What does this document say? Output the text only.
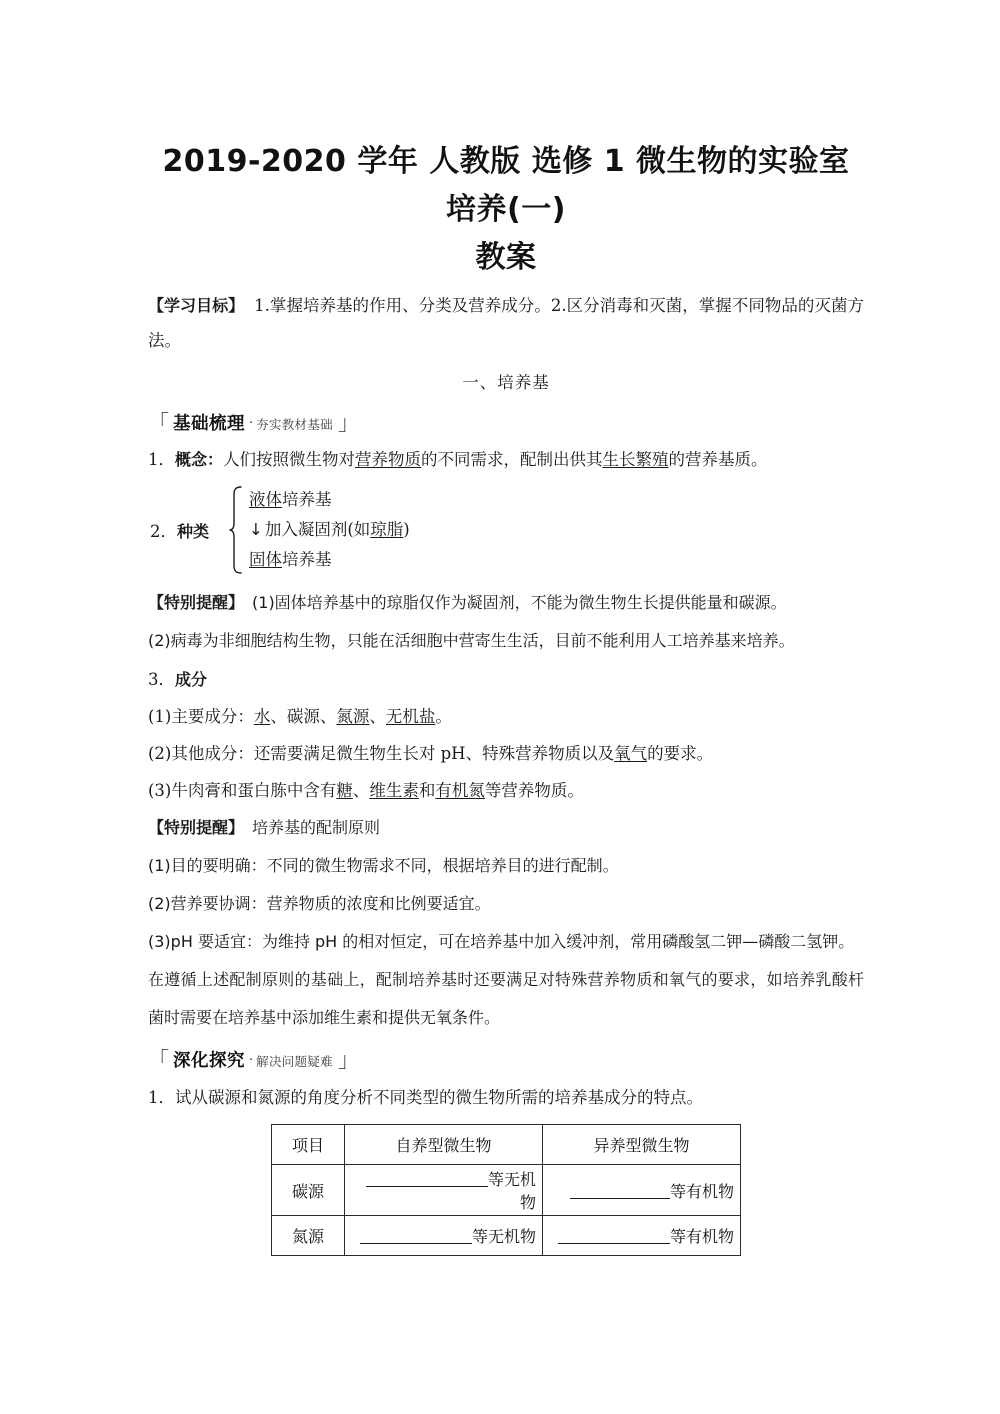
2019-2020 学年 人教版 选修 1 微生物的实验室培养(一)
教案

【学习目标】 1.掌握培养基的作用、分类及营养成分。2.区分消毒和灭菌，掌握不同物品的灭菌方法。

一、培养基
「 基础梳理 · 夯实教材基础 」

1．概念：人们按照微生物对营养物质的不同需求，配制出供其生长繁殖的营养基质。

2．种类
液体培养基
↓ 加入凝固剂(如琼脂)
固体培养基

【特别提醒】 (1)固体培养基中的琼脂仅作为凝固剂，不能为微生物生长提供能量和碳源。

(2)病毒为非细胞结构生物，只能在活细胞中营寄生生活，目前不能利用人工培养基来培养。

3．成分

(1)主要成分：水、碳源、氮源、无机盐。

(2)其他成分：还需要满足微生物生长对 pH、特殊营养物质以及氧气的要求。

(3)牛肉膏和蛋白胨中含有糖、维生素和有机氮等营养物质。

【特别提醒】 培养基的配制原则

(1)目的要明确：不同的微生物需求不同，根据培养目的进行配制。

(2)营养要协调：营养物质的浓度和比例要适宜。

(3)pH 要适宜：为维持 pH 的相对恒定，可在培养基中加入缓冲剂，常用磷酸氢二钾—磷酸二氢钾。

在遵循上述配制原则的基础上，配制培养基时还要满足对特殊营养物质和氧气的要求，如培养乳酸杆菌时需要在培养基中添加维生素和提供无氧条件。

「 深化探究 · 解决问题疑难 」

1．试从碳源和氮源的角度分析不同类型的微生物所需的培养基成分的特点。

项目	自养型微生物	异养型微生物
碳源	等无机物	等有机物
氮源	等无机物	等有机物
